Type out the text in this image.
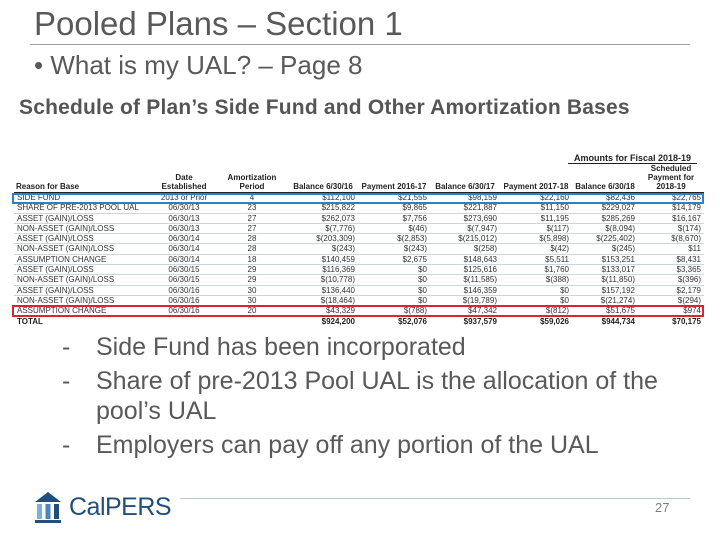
Pooled Plans – Section 1
• What is my UAL? – Page 8
Schedule of Plan’s Side Fund and Other Amortization Bases
Amounts for Fiscal 2018-19
Reason for Base	Date Established	Amortization Period	Balance 6/30/16	Payment 2016-17	Balance 6/30/17	Payment 2017-18	Balance 6/30/18	Scheduled Payment for 2018-19
SIDE FUND	2013 or Prior	4	$112,100	$21,555	$98,159	$22,160	$82,436	$22,765
SHARE OF PRE-2013 POOL UAL	06/30/13	23	$215,822	$9,865	$221,887	$11,150	$229,027	$14,179
ASSET (GAIN)/LOSS	06/30/13	27	$262,073	$7,756	$273,690	$11,195	$285,269	$16,167
NON-ASSET (GAIN)/LOSS	06/30/13	27	$(7,776)	$(46)	$(7,947)	$(117)	$(8,094)	$(174)
ASSET (GAIN)/LOSS	06/30/14	28	$(203,309)	$(2,853)	$(215,012)	$(5,898)	$(225,402)	$(8,670)
NON-ASSET (GAIN)/LOSS	06/30/14	28	$(243)	$(243)	$(258)	$(42)	$(245)	$11
ASSUMPTION CHANGE	06/30/14	18	$140,459	$2,675	$148,643	$5,511	$153,251	$8,431
ASSET (GAIN)/LOSS	06/30/15	29	$116,369	$0	$125,616	$1,760	$133,017	$3,365
NON-ASSET (GAIN)/LOSS	06/30/15	29	$(10,778)	$0	$(11,585)	$(388)	$(11,850)	$(396)
ASSET (GAIN)/LOSS	06/30/16	30	$136,440	$0	$146,359	$0	$157,192	$2,179
NON-ASSET (GAIN)/LOSS	06/30/16	30	$(18,464)	$0	$(19,789)	$0	$(21,274)	$(294)
ASSUMPTION CHANGE	06/30/16	20	$43,329	$(788)	$47,342	$(812)	$51,675	$974
TOTAL			$924,200	$52,076	$937,579	$59,026	$944,734	$70,175
- Side Fund has been incorporated
- Share of pre-2013 Pool UAL is the allocation of the pool’s UAL
- Employers can pay off any portion of the UAL
CalPERS	27
